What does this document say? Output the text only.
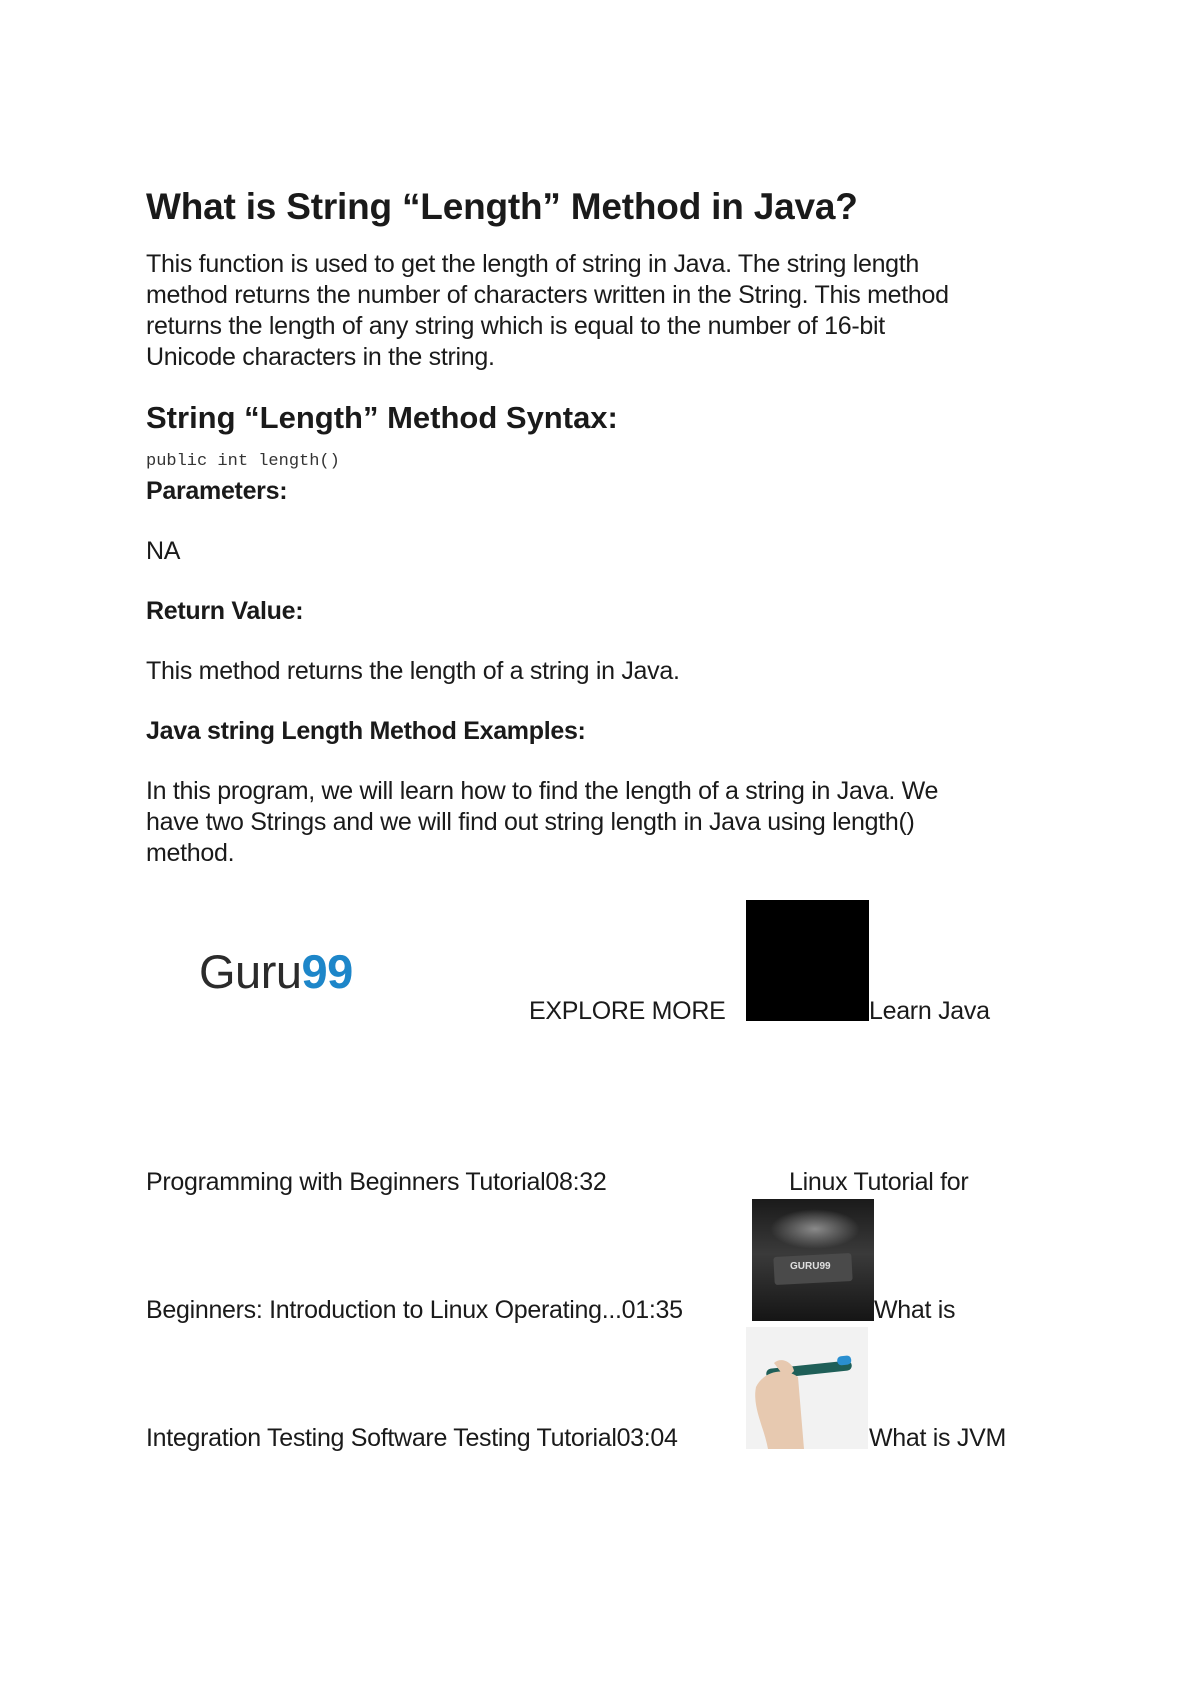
What is String “Length” Method in Java?
This function is used to get the length of string in Java. The string length
method returns the number of characters written in the String. This method
returns the length of any string which is equal to the number of 16-bit
Unicode characters in the string.
String “Length” Method Syntax:
public int length()
Parameters:
NA
Return Value:
This method returns the length of a string in Java.
Java string Length Method Examples:
In this program, we will learn how to find the length of a string in Java. We
have two Strings and we will find out string length in Java using length()
method.
Guru99
EXPLORE MORE	Learn Java
Programming with Beginners Tutorial08:32	Linux Tutorial for
GURU99
Beginners: Introduction to Linux Operating...01:35	What is
Integration Testing Software Testing Tutorial03:04	What is JVM
